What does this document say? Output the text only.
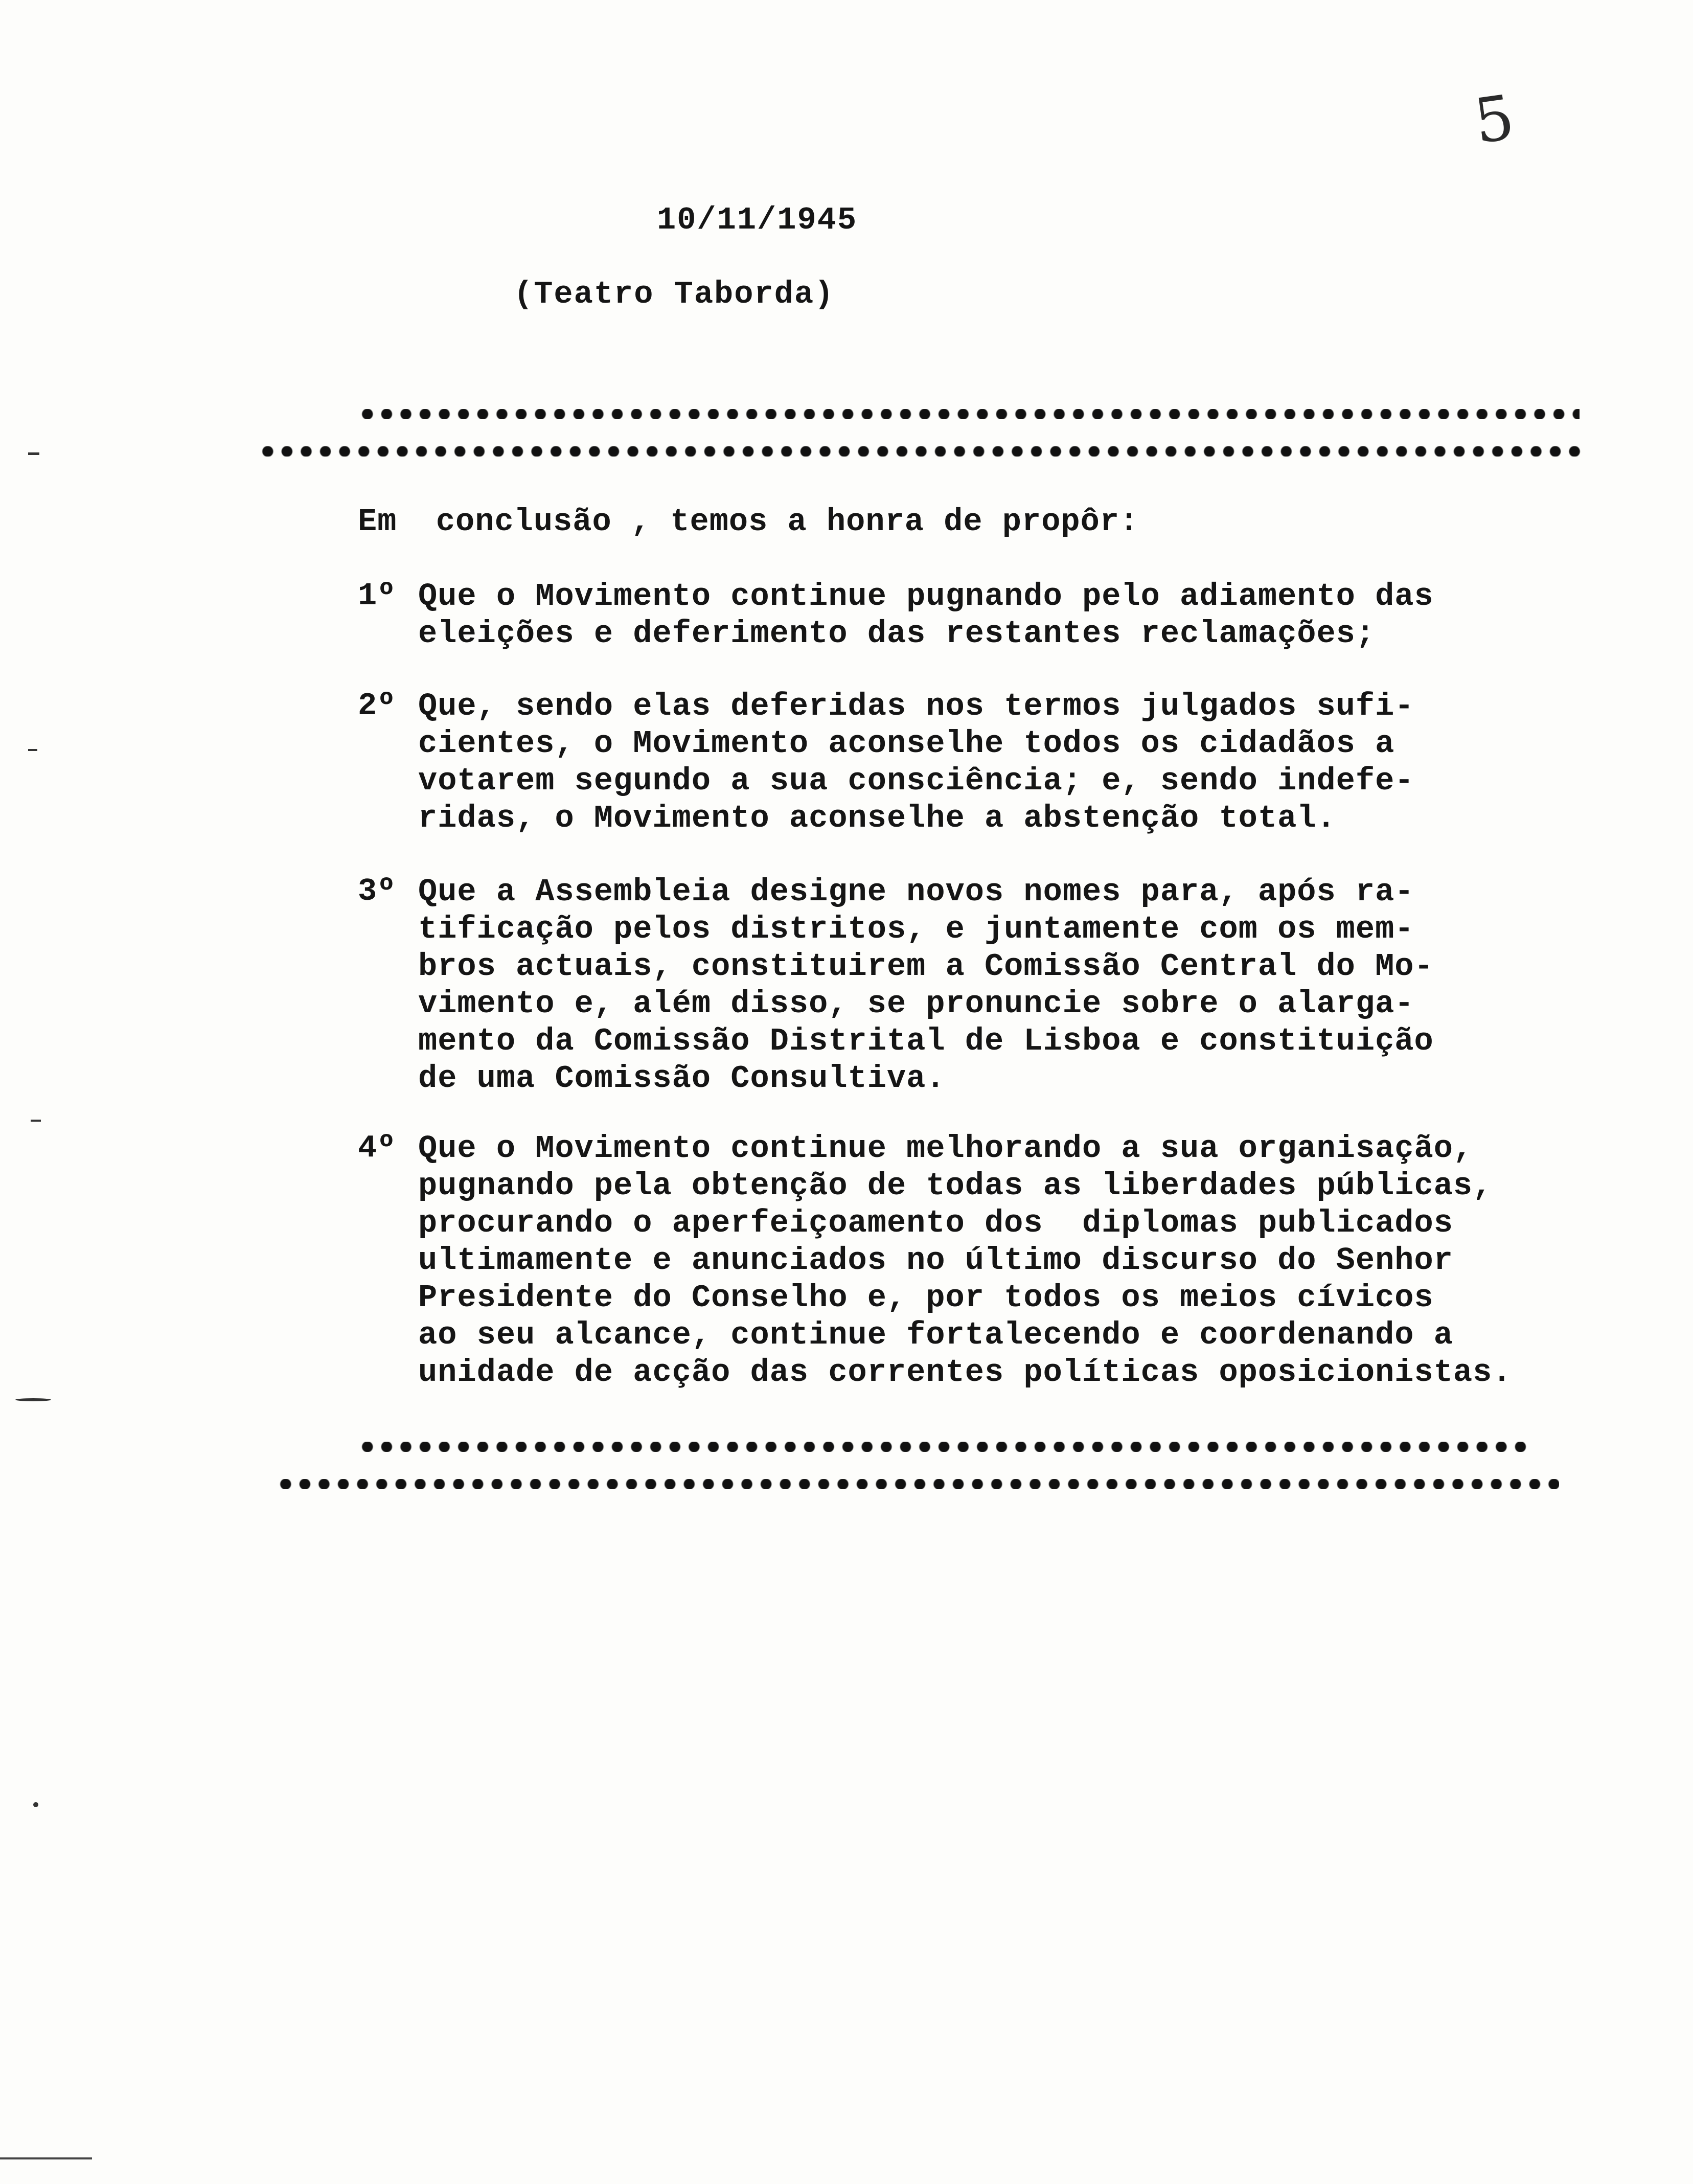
5
10/11/1945
(Teatro Taborda)
Em  conclusão , temos a honra de propôr:
1º Que o Movimento continue pugnando pelo adiamento das
eleições e deferimento das restantes reclamações;
2º Que, sendo elas deferidas nos termos julgados sufi-
cientes, o Movimento aconselhe todos os cidadãos a
votarem segundo a sua consciência; e, sendo indefe-
ridas, o Movimento aconselhe a abstenção total.
3º Que a Assembleia designe novos nomes para, após ra-
tificação pelos distritos, e juntamente com os mem-
bros actuais, constituirem a Comissão Central do Mo-
vimento e, além disso, se pronuncie sobre o alarga-
mento da Comissão Distrital de Lisboa e constituição
de uma Comissão Consultiva.
4º Que o Movimento continue melhorando a sua organisação,
pugnando pela obtenção de todas as liberdades públicas,
procurando o aperfeiçoamento dos  diplomas publicados
ultimamente e anunciados no último discurso do Senhor
Presidente do Conselho e, por todos os meios cívicos
ao seu alcance, continue fortalecendo e coordenando a
unidade de acção das correntes políticas oposicionistas.
